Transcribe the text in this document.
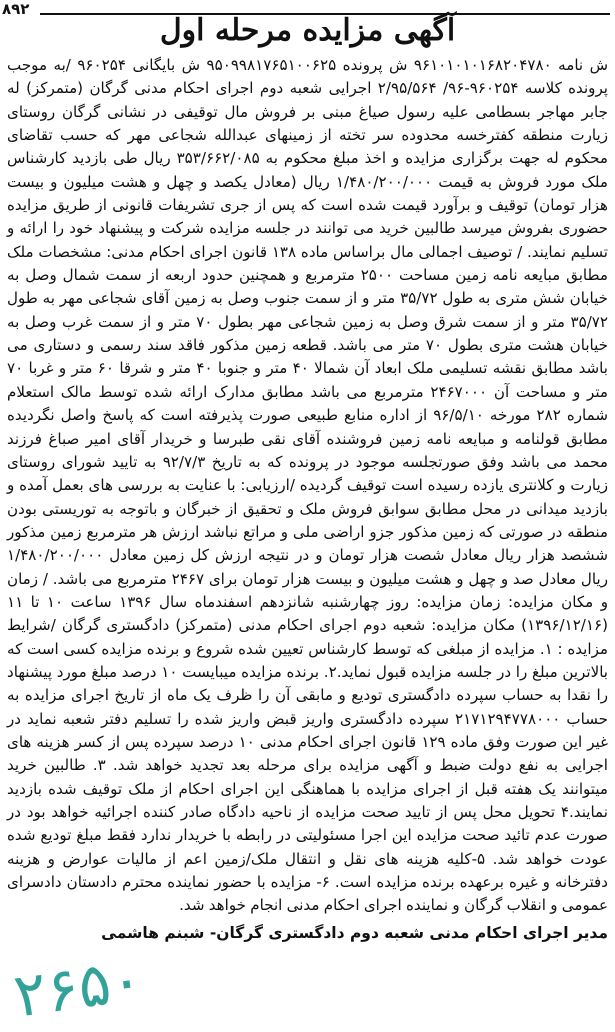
۸۹۲
آگهی مزایده مرحله اول

ش نامه ۹۶۱۰۱۰۱۰۱۶۸۲۰۴۷۸۰ ش پرونده ۹۵۰۹۹۸۱۷۶۵۱۰۰۶۲۵ ش بایگانی ۹۶۰۲۵۴ /به موجب پرونده کلاسه ۹۶۰۲۵۴-۹۶/ ۲/۹۵/۵۶۴ اجرایی شعبه دوم اجرای احکام مدنی گرگان (متمرکز) له جابر مهاجر بسطامی علیه رسول صیاغ مبنی بر فروش مال توقیفی در نشانی گرگان روستای زیارت منطقه کفترخسه محدوده سر تخته از زمینهای عبدالله شجاعی مهر که حسب تقاضای محکوم له جهت برگزاری مزایده و اخذ مبلغ محکوم به ۳۵۳/۶۶۲/۰۸۵ ریال طی بازدید کارشناس ملک مورد فروش به قیمت ۱/۴۸۰/۲۰۰/۰۰۰ ریال (معادل یکصد و چهل و هشت میلیون و بیست هزار تومان) توقیف و برآورد قیمت شده است که پس از جری تشریفات قانونی از طریق مزایده حضوری بفروش میرسد طالبین خرید می توانند در جلسه مزایده شرکت و پیشنهاد خود را ارائه و تسلیم نمایند. / توصیف اجمالی مال براساس ماده ۱۳۸ قانون اجرای احکام مدنی: مشخصات ملک مطابق مبایعه نامه زمین مساحت ۲۵۰۰ مترمربع و همچنین حدود اربعه از سمت شمال وصل به خیابان شش متری به طول ۳۵/۷۲ متر و از سمت جنوب وصل به زمین آقای شجاعی مهر به طول ۳۵/۷۲ متر و از سمت شرق وصل به زمین شجاعی مهر بطول ۷۰ متر و از سمت غرب وصل به خیابان هشت متری بطول ۷۰ متر می باشد. قطعه زمین مذکور فاقد سند رسمی و دستاری می باشد مطابق نقشه تسلیمی ملک ابعاد آن شمالا ۴۰ متر و جنوبا ۴۰ متر و شرقا ۶۰ متر و غربا ۷۰ متر و مساحت آن ۲۴۶۷۰۰۰ مترمربع می باشد مطابق مدارک ارائه شده توسط مالک استعلام شماره ۲۸۲ مورخه ۹۶/۵/۱۰ از اداره منابع طبیعی صورت پذیرفته است که پاسخ واصل نگردیده مطابق قولنامه و مبایعه نامه زمین فروشنده آقای نقی طبرسا و خریدار آقای امیر صباغ فرزند محمد می باشد وفق صورتجلسه موجود در پرونده که به تاریخ ۹۲/۷/۳ به تایید شورای روستای زیارت و کلانتری یازده رسیده است توقیف گردیده /ارزیابی: با عنایت به بررسی های بعمل آمده و بازدید میدانی در محل مطابق سوابق فروش ملک و تحقیق از خبرگان و باتوجه به توریستی بودن منطقه در صورتی که زمین مذکور جزو اراضی ملی و مراتع نباشد ارزش هر مترمربع زمین مذکور ششصد هزار ریال معادل شصت هزار تومان و در نتیجه ارزش کل زمین معادل ۱/۴۸۰/۲۰۰/۰۰۰ ریال معادل صد و چهل و هشت میلیون و بیست هزار تومان برای ۲۴۶۷ مترمربع می باشد. / زمان و مکان مزایده: زمان مزایده: روز چهارشنبه شانزدهم اسفندماه سال ۱۳۹۶ ساعت ۱۰ تا ۱۱ (۱۳۹۶/۱۲/۱۶) مکان مزایده: شعبه دوم اجرای احکام مدنی (متمرکز) دادگستری گرگان /شرایط مزایده : ۱. مزایده از مبلغی که توسط کارشناس تعیین شده شروع و برنده مزایده کسی است که بالاترین مبلغ را در جلسه مزایده قبول نماید.۲. برنده مزایده میبایست ۱۰ درصد مبلغ مورد پیشنهاد را نقدا به حساب سپرده دادگستری تودیع و مابقی آن را ظرف یک ماه از تاریخ اجرای مزایده به حساب ۲۱۷۱۲۹۴۷۷۸۰۰۰ سپرده دادگستری واریز قبض واریز شده را تسلیم دفتر شعبه نماید در غیر این صورت وفق ماده ۱۲۹ قانون اجرای احکام مدنی ۱۰ درصد سپرده پس از کسر هزینه های اجرایی به نفع دولت ضبط و آگهی مزایده برای مرحله بعد تجدید خواهد شد. ۳. طالبین خرید میتوانند یک هفته قبل از اجرای مزایده با هماهنگی این اجرای احکام از ملک توقیف شده بازدید نمایند.۴ تحویل محل پس از تایید صحت مزایده از ناحیه دادگاه صادر کننده اجرائیه خواهد بود در صورت عدم تائید صحت مزایده این اجرا مسئولیتی در رابطه با خریدار ندارد فقط مبلغ تودیع شده عودت خواهد شد. ۵-کلیه هزینه های نقل و انتقال ملک/زمین اعم از مالیات عوارض و هزینه دفترخانه و غیره برعهده برنده مزایده است. ۶- مزایده با حضور نماینده محترم دادستان دادسرای عمومی و انقلاب گرگان و نماینده اجرای احکام مدنی انجام خواهد شد.

مدیر اجرای احکام مدنی شعبه دوم دادگستری گرگان- شبنم هاشمی
۲۶۵۰
